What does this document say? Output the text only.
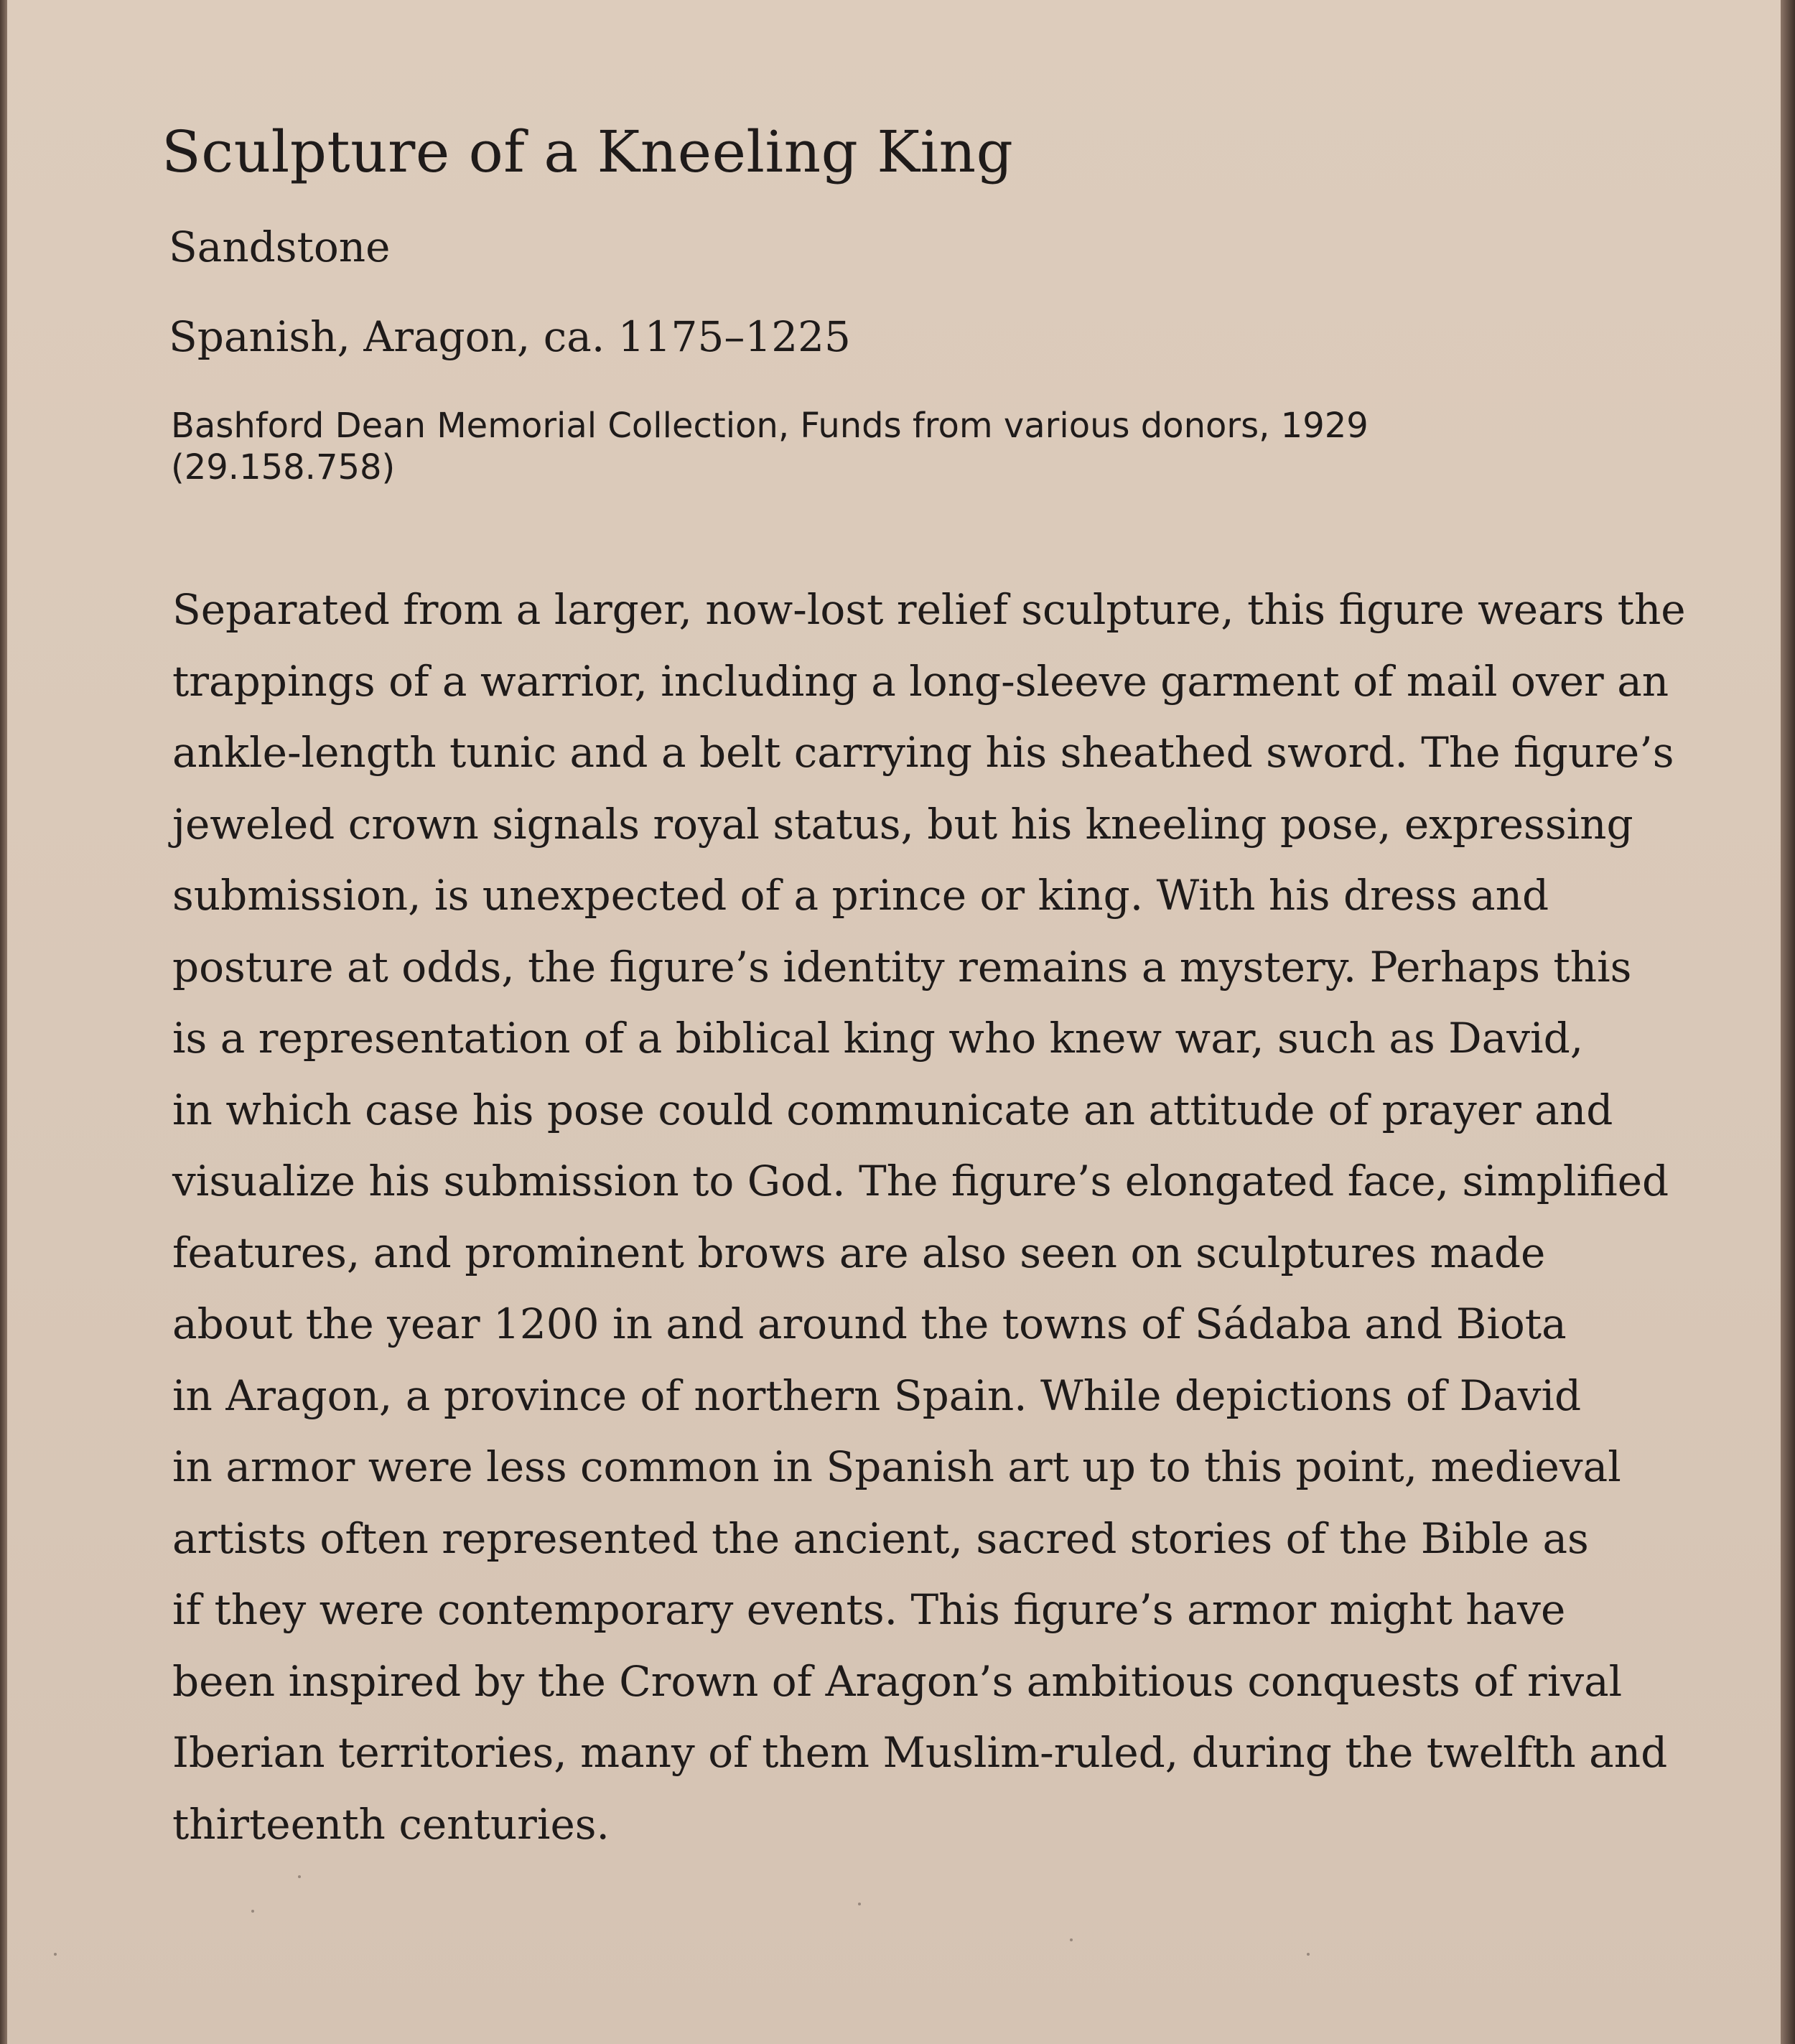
Sculpture of a Kneeling King
Sandstone
Spanish, Aragon, ca. 1175–1225
Bashford Dean Memorial Collection, Funds from various donors, 1929
(29.158.758)

Separated from a larger, now-lost relief sculpture, this figure wears the
trappings of a warrior, including a long-sleeve garment of mail over an
ankle-length tunic and a belt carrying his sheathed sword. The figure’s
jeweled crown signals royal status, but his kneeling pose, expressing
submission, is unexpected of a prince or king. With his dress and
posture at odds, the figure’s identity remains a mystery. Perhaps this
is a representation of a biblical king who knew war, such as David,
in which case his pose could communicate an attitude of prayer and
visualize his submission to God. The figure’s elongated face, simplified
features, and prominent brows are also seen on sculptures made
about the year 1200 in and around the towns of Sádaba and Biota
in Aragon, a province of northern Spain. While depictions of David
in armor were less common in Spanish art up to this point, medieval
artists often represented the ancient, sacred stories of the Bible as
if they were contemporary events. This figure’s armor might have
been inspired by the Crown of Aragon’s ambitious conquests of rival
Iberian territories, many of them Muslim-ruled, during the twelfth and
thirteenth centuries.
